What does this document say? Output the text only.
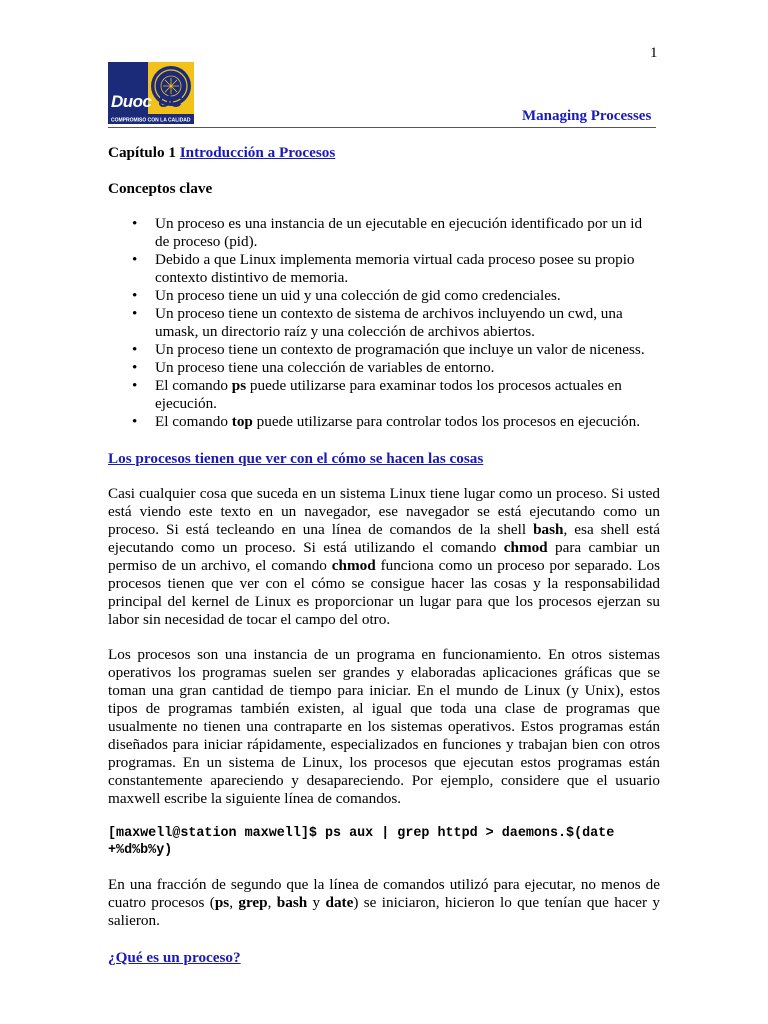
1
Duoc UC
COMPROMISO CON LA CALIDAD	Managing Processes

Capítulo 1 Introducción a Procesos

Conceptos clave

• Un proceso es una instancia de un ejecutable en ejecución identificado por un id de proceso (pid).
• Debido a que Linux implementa memoria virtual cada proceso posee su propio contexto distintivo de memoria.
• Un proceso tiene un uid y una colección de gid como credenciales.
• Un proceso tiene un contexto de sistema de archivos incluyendo un cwd, una umask, un directorio raíz y una colección de archivos abiertos.
• Un proceso tiene un contexto de programación que incluye un valor de niceness.
• Un proceso tiene una colección de variables de entorno.
• El comando ps puede utilizarse para examinar todos los procesos actuales en ejecución.
• El comando top puede utilizarse para controlar todos los procesos en ejecución.

Los procesos tienen que ver con el cómo se hacen las cosas

Casi cualquier cosa que suceda en un sistema Linux tiene lugar como un proceso. Si usted está viendo este texto en un navegador, ese navegador se está ejecutando como un proceso. Si está tecleando en una línea de comandos de la shell bash, esa shell está ejecutando como un proceso. Si está utilizando el comando chmod para cambiar un permiso de un archivo, el comando chmod funciona como un proceso por separado. Los procesos tienen que ver con el cómo se consigue hacer las cosas y la responsabilidad principal del kernel de Linux es proporcionar un lugar para que los procesos ejerzan su labor sin necesidad de tocar el campo del otro.

Los procesos son una instancia de un programa en funcionamiento. En otros sistemas operativos los programas suelen ser grandes y elaboradas aplicaciones gráficas que se toman una gran cantidad de tiempo para iniciar. En el mundo de Linux (y Unix), estos tipos de programas también existen, al igual que toda una clase de programas que usualmente no tienen una contraparte en los sistemas operativos. Estos programas están diseñados para iniciar rápidamente, especializados en funciones y trabajan bien con otros programas. En un sistema de Linux, los procesos que ejecutan estos programas están constantemente apareciendo y desapareciendo. Por ejemplo, considere que el usuario maxwell escribe la siguiente línea de comandos.

[maxwell@station maxwell]$ ps aux | grep httpd > daemons.$(date +%d%b%y)

En una fracción de segundo que la línea de comandos utilizó para ejecutar, no menos de cuatro procesos (ps, grep, bash y date) se iniciaron, hicieron lo que tenían que hacer y salieron.

¿Qué es un proceso?
